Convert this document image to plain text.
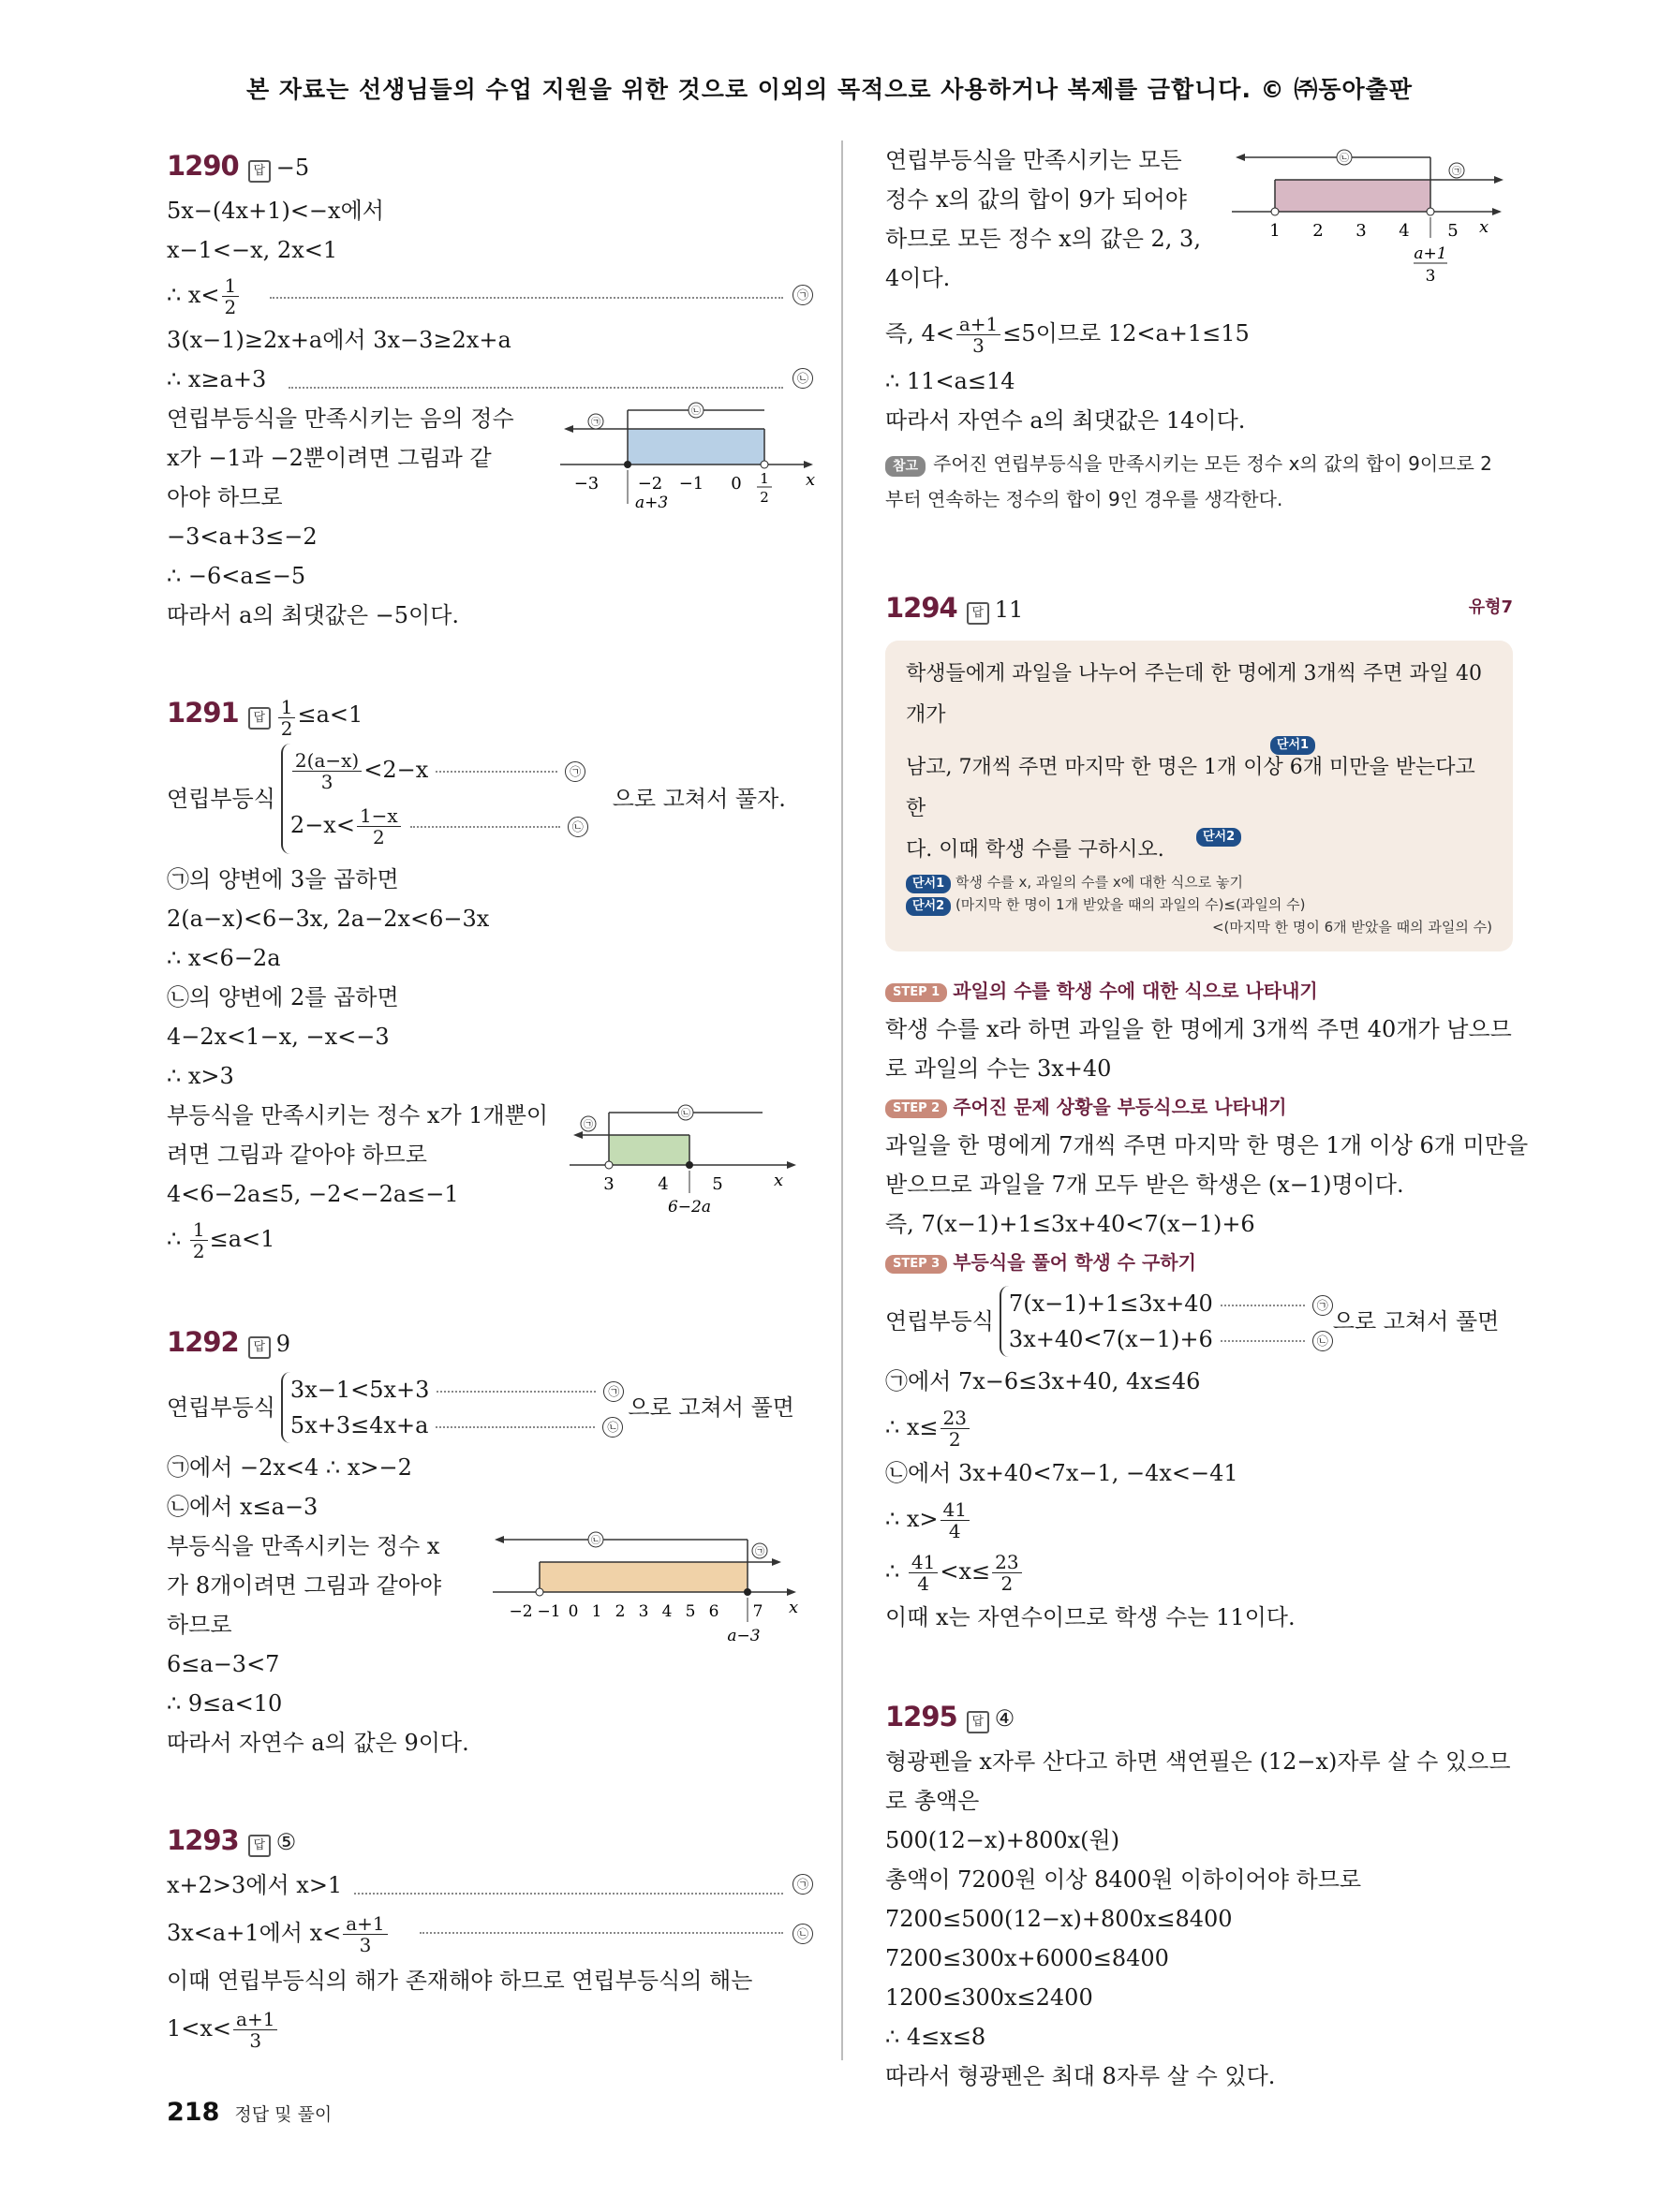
본 자료는 선생님들의 수업 지원을 위한 것으로 이외의 목적으로 사용하거나 복제를 금합니다. © ㈜동아출판
1290 답 −5
5x−(4x+1)<−x에서
x−1<−x, 2x<1
∴ $x< \frac{1}{2}$	㉠
3(x−1)≥2x+a에서 3x−3≥2x+a
∴ x≥a+3	㉡
연립부등식을 만족시키는 음의 정수
x가 −1과 −2뿐이려면 그림과 같
아야 하므로
㉡
㉠
−3 −2 −1 0 1
2
x
a+3
−3<a+3≤−2
∴ −6<a≤−5
따라서 a의 최댓값은 −5이다.
1291 답 $\frac{1}{2} \le a<1$
연립부등식
$\frac{2(a-x)}{3} <2-x$	㉠
$2-x< \frac{1-x}{2}$	㉡
으로 고쳐서 풀자.
㉠의 양변에 3을 곱하면
2(a−x)<6−3x, 2a−2x<6−3x
∴ x<6−2a
㉡의 양변에 2를 곱하면
4−2x<1−x, −x<−3
∴ x>3
부등식을 만족시키는 정수 x가 1개뿐이
려면 그림과 같아야 하므로
4<6−2a≤5, −2<−2a≤−1
㉡
㉠
3	4	5	x
6−2a
∴ $\frac{1}{2} \le a<1$
1292 답 9
연립부등식
3x−1<5x+3	㉠
5x+3≤4x+a	㉡
으로 고쳐서 풀면
㉠에서 −2x<4 ∴ x>−2
㉡에서 x≤a−3
부등식을 만족시키는 정수 x
가 8개이려면 그림과 같아야
하므로
㉡
㉠
−2 −1 0 1 2 3 4 5 6 7 x
a−3
6≤a−3<7
∴ 9≤a<10
따라서 자연수 a의 값은 9이다.
1293 답 ⑤
x+2>3에서 x>1	㉠
3x<a+1에서 $x< \frac{a+1}{3}$	㉡
이때 연립부등식의 해가 존재해야 하므로 연립부등식의 해는
$1<x< \frac{a+1}{3}$
연립부등식을 만족시키는 모든
정수 x의 값의 합이 9가 되어야
하므로 모든 정수 x의 값은 2, 3,
4이다.
㉡
㉠
1 2 3 4 5 x
a+1
3
즉, $4< \frac{a+1}{3} \le 5$이므로 12<a+1≤15
∴ 11<a≤14
따라서 자연수 a의 최댓값은 14이다.
참고 주어진 연립부등식을 만족시키는 모든 정수 x의 값의 합이 9이므로 2
부터 연속하는 정수의 합이 9인 경우를 생각한다.
1294 답 11	유형7
학생들에게 과일을 나누어 주는데 한 명에게 3개씩 주면 과일 40개가
단서1
남고, 7개씩 주면 마지막 한 명은 1개 이상 6개 미만을 받는다고 한
다. 이때 학생 수를 구하시오.
단서2
단서1 학생 수를 x, 과일의 수를 x에 대한 식으로 놓기
단서2 (마지막 한 명이 1개 받았을 때의 과일의 수)≤(과일의 수)
<(마지막 한 명이 6개 받았을 때의 과일의 수)
STEP 1 과일의 수를 학생 수에 대한 식으로 나타내기
학생 수를 x라 하면 과일을 한 명에게 3개씩 주면 40개가 남으므
로 과일의 수는 3x+40
STEP 2 주어진 문제 상황을 부등식으로 나타내기
과일을 한 명에게 7개씩 주면 마지막 한 명은 1개 이상 6개 미만을
받으므로 과일을 7개 모두 받은 학생은 (x−1)명이다.
즉, 7(x−1)+1≤3x+40<7(x−1)+6
STEP 3 부등식을 풀어 학생 수 구하기
연립부등식
7(x−1)+1≤3x+40	㉠
3x+40<7(x−1)+6	㉡
으로 고쳐서 풀면
㉠에서 7x−6≤3x+40, 4x≤46
∴ $x\le \frac{23}{2}$
㉡에서 3x+40<7x−1, −4x<−41
∴ $x> \frac{41}{4}$
∴ $\frac{41}{4} <x\le \frac{23}{2}$
이때 x는 자연수이므로 학생 수는 11이다.
1295 답 ④
형광펜을 x자루 산다고 하면 색연필은 (12−x)자루 살 수 있으므
로 총액은
500(12−x)+800x(원)
총액이 7200원 이상 8400원 이하이어야 하므로
7200≤500(12−x)+800x≤8400
7200≤300x+6000≤8400
1200≤300x≤2400
∴ 4≤x≤8
따라서 형광펜은 최대 8자루 살 수 있다.
218 정답 및 풀이
